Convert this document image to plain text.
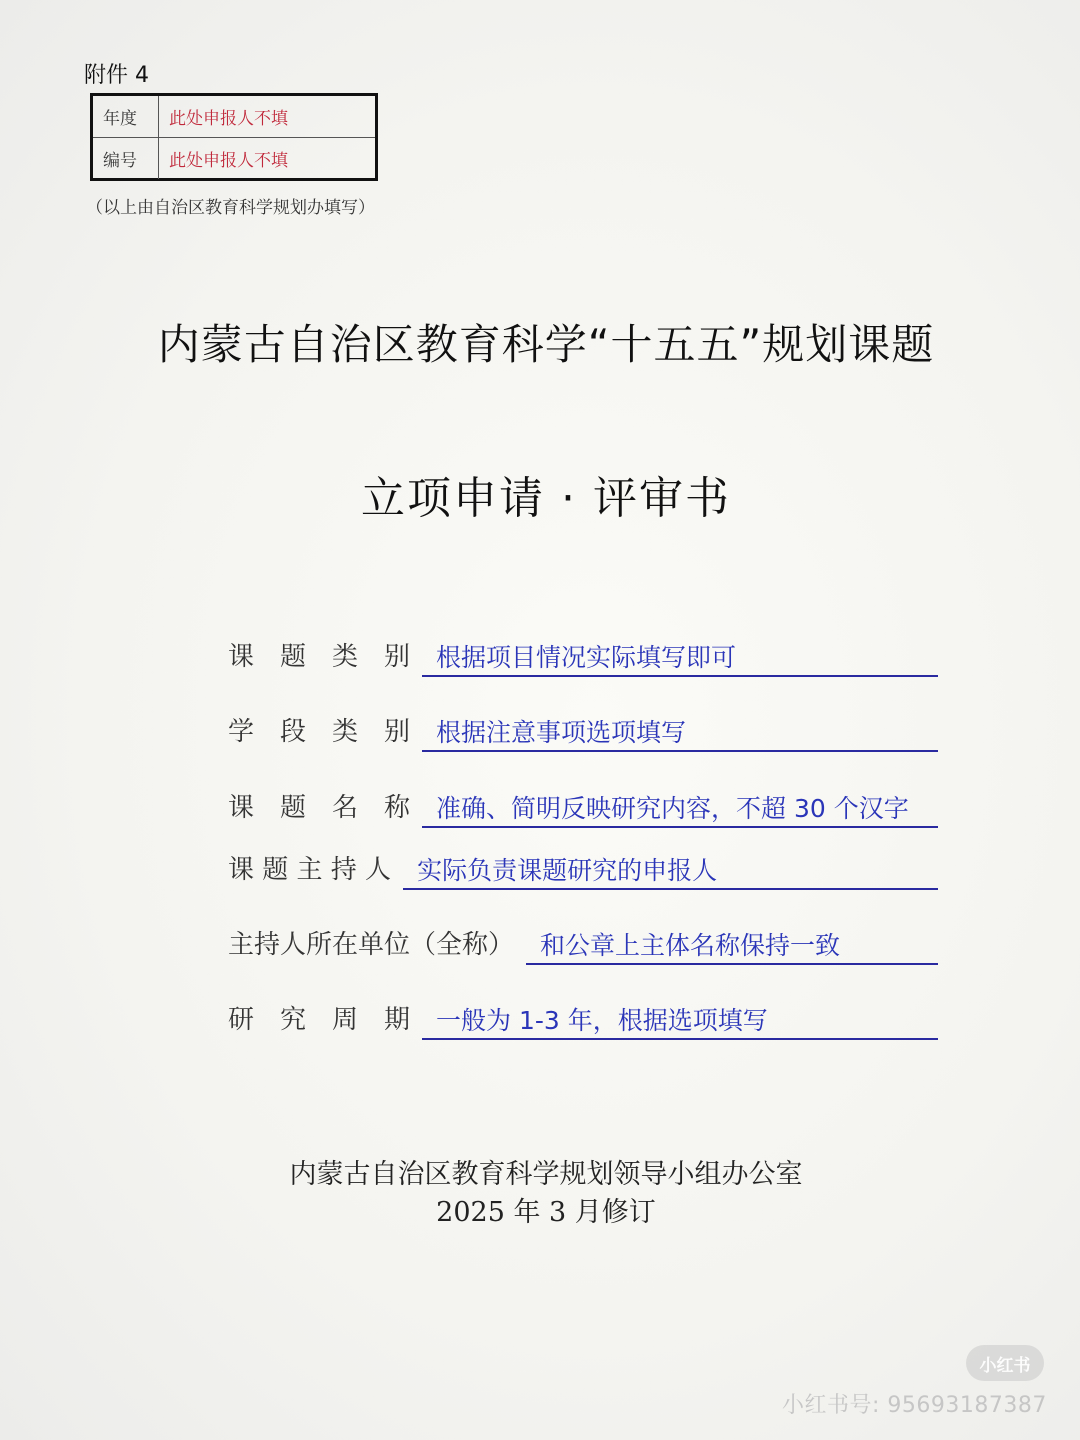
附件 4
年度	此处申报人不填
编号	此处申报人不填
（以上由自治区教育科学规划办填写）
内蒙古自治区教育科学“十五五”规划课题
立项申请 · 评审书
课　题　类　别	根据项目情况实际填写即可
学　段　类　别	根据注意事项选项填写
课　题　名　称	准确、简明反映研究内容，不超 30 个汉字
课 题 主 持 人	实际负责课题研究的申报人
主持人所在单位（全称）	和公章上主体名称保持一致
研　究　周　期	一般为 1-3 年，根据选项填写
内蒙古自治区教育科学规划领导小组办公室
2025 年 3 月修订
小红书
小红书号: 95693187387
